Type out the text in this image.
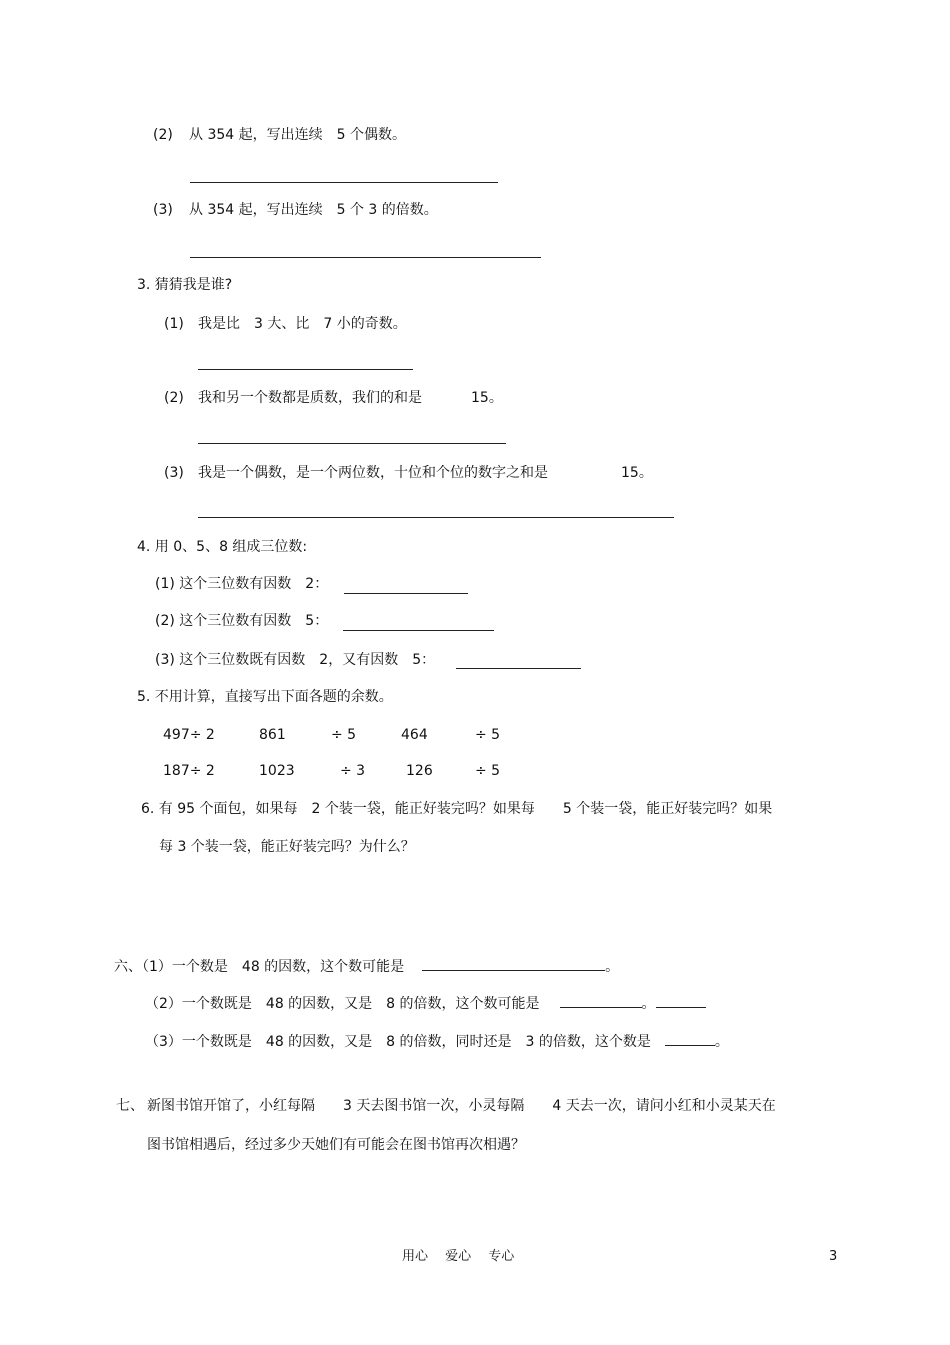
(2) 从 354 起，写出连续　5 个偶数。
(3) 从 354 起，写出连续　5 个 3 的倍数。
3. 猜猜我是谁?
(1) 我是比　3 大、比　7 小的奇数。
(2) 我和另一个数都是质数，我们的和是	15。
(3) 我是一个偶数，是一个两位数，十位和个位的数字之和是	15。
4. 用 0、5、8 组成三位数:
(1) 这个三位数有因数　2：
(2) 这个三位数有因数　5：
(3) 这个三位数既有因数　2，又有因数　5：
5. 不用计算，直接写出下面各题的余数。
497÷ 2	861	÷ 5	464	÷ 5
187÷ 2	1023	÷ 3	126	÷ 5
6. 有 95 个面包，如果每　2 个装一袋，能正好装完吗？如果每　　5 个装一袋，能正好装完吗？如果
每 3 个装一袋，能正好装完吗？为什么？
六、（1）一个数是　48 的因数，这个数可能是	。
（2）一个数既是　48 的因数，又是　8 的倍数，这个数可能是	。
（3）一个数既是　48 的因数，又是　8 的倍数，同时还是　3 的倍数，这个数是	。
七、 新图书馆开馆了，小红每隔　　3 天去图书馆一次，小灵每隔　　4 天去一次，请问小红和小灵某天在
图书馆相遇后，经过多少天她们有可能会在图书馆再次相遇？
用心　 爱心　 专心	3
